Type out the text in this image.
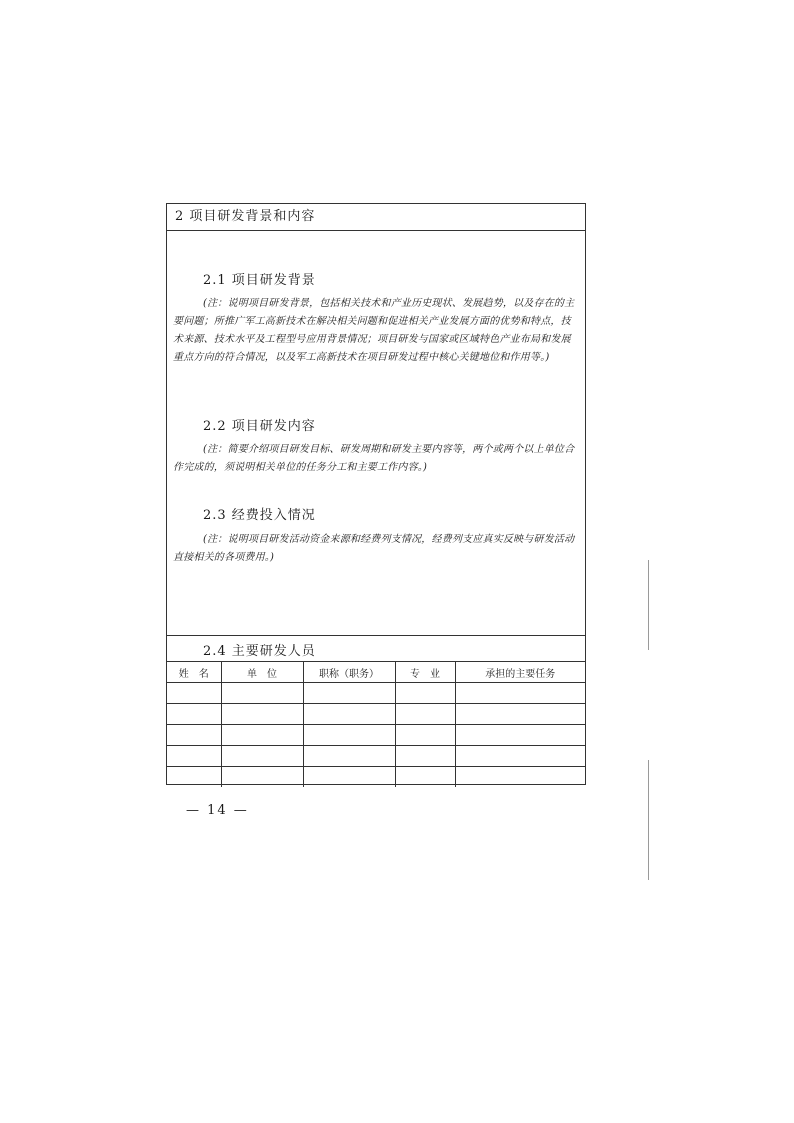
2 项目研发背景和内容
2.1 项目研发背景

(注：说明项目研发背景，包括相关技术和产业历史现状、发展趋势，以及存在的主要问题；所推广军工高新技术在解决相关问题和促进相关产业发展方面的优势和特点，技术来源、技术水平及工程型号应用背景情况；项目研发与国家或区域特色产业布局和发展重点方向的符合情况，以及军工高新技术在项目研发过程中核心关键地位和作用等。)

2.2 项目研发内容

(注：简要介绍项目研发目标、研发周期和研发主要内容等，两个或两个以上单位合作完成的，须说明相关单位的任务分工和主要工作内容。)

2.3 经费投入情况

(注：说明项目研发活动资金来源和经费列支情况，经费列支应真实反映与研发活动直接相关的各项费用。)

2.4 主要研发人员
姓　名	单　位	职称（职务）	专　业	承担的主要任务

— 14 —
